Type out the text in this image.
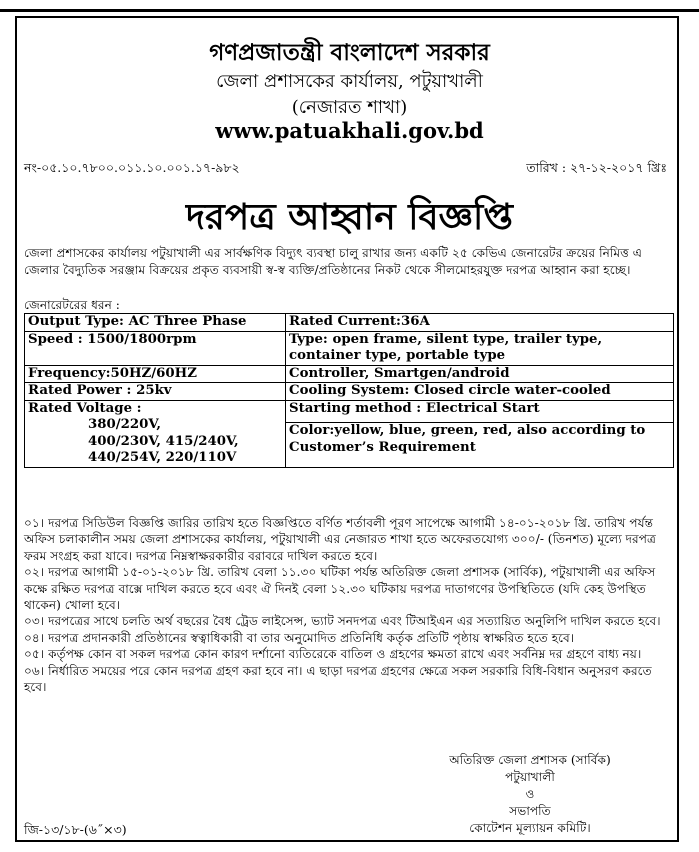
গণপ্রজাতন্ত্রী বাংলাদেশ সরকার
জেলা প্রশাসকের কার্যালয়, পটুয়াখালী
(নেজারত শাখা)
www.patuakhali.gov.bd
নং-০৫.১০.৭৮০০.০১১.১০.০০১.১৭-৯৮২	তারিখ : ২৭-১২-২০১৭ খ্রিঃ
দরপত্র আহ্বান বিজ্ঞপ্তি
জেলা প্রশাসকের কার্যালয় পটুয়াখালী এর সার্বক্ষণিক বিদ্যুৎ ব্যবস্থা চালু রাখার জন্য একটি ২৫ কেভিএ জেনারেটর ক্রয়ের নিমিত্ত এ জেলার বৈদ্যুতিক সরঞ্জাম বিক্রয়ের প্রকৃত ব্যবসায়ী স্ব-স্ব ব্যক্তি/প্রতিষ্ঠানের নিকট থেকে সীলমোহরযুক্ত দরপত্র আহ্বান করা হচ্ছে।
জেনারেটরের ধরন :
Output Type: AC Three Phase	Rated Current:36A
Speed : 1500/1800rpm	Type: open frame, silent type, trailer type, container type, portable type
Frequency:50HZ/60HZ	Controller, Smartgen/android
Rated Power : 25kv	Cooling System: Closed circle water-cooled

Rated Voltage :
380/220V,
400/230V, 415/240V,
440/254V, 220/110V	Starting method : Electrical Start
	Color:yellow, blue, green, red, also according to Customer’s Requirement

০১। দরপত্র সিডিউল বিজ্ঞপ্তি জারির তারিখ হতে বিজ্ঞপ্তিতে বর্ণিত শর্তাবলী পূরণ সাপেক্ষে আগামী ১৪-০১-২০১৮ খ্রি. তারিখ পর্যন্ত অফিস চলাকালীন সময় জেলা প্রশাসকের কার্যালয়, পটুয়াখালী এর নেজারত শাখা হতে অফেরতযোগ্য ৩০০/- (তিনশত) মূল্যে দরপত্র ফরম সংগ্রহ করা যাবে। দরপত্র নিম্নস্বাক্ষরকারীর বরাবরে দাখিল করতে হবে।

০২। দরপত্র আগামী ১৫-০১-২০১৮ খ্রি. তারিখ বেলা ১১.৩০ ঘটিকা পর্যন্ত অতিরিক্ত জেলা প্রশাসক (সার্বিক), পটুয়াখালী এর অফিস কক্ষে রক্ষিত দরপত্র বাক্সে দাখিল করতে হবে এবং ঐ দিনই বেলা ১২.৩০ ঘটিকায় দরপত্র দাতাগণের উপস্থিতিতে (যদি কেহ উপস্থিত থাকেন) খোলা হবে।

০৩। দরপত্রের সাথে চলতি অর্থ বছরের বৈধ ট্রেড লাইসেন্স, ভ্যাট সনদপত্র এবং টিআইএন এর সত্যায়িত অনুলিপি দাখিল করতে হবে।

০৪। দরপত্র প্রদানকারী প্রতিষ্ঠানের স্বত্বাধিকারী বা তার অনুমোদিত প্রতিনিধি কর্তৃক প্রতিটি পৃষ্ঠায় স্বাক্ষরিত হতে হবে।

০৫। কর্তৃপক্ষ কোন বা সকল দরপত্র কোন কারণ দর্শানো ব্যতিরেকে বাতিল ও গ্রহণের ক্ষমতা রাখে এবং সর্বনিম্ন দর গ্রহণে বাধ্য নয়।

০৬। নির্ধারিত সময়ের পরে কোন দরপত্র গ্রহণ করা হবে না। এ ছাড়া দরপত্র গ্রহণের ক্ষেত্রে সকল সরকারি বিধি-বিধান অনুসরণ করতে হবে।

অতিরিক্ত জেলা প্রশাসক (সার্বিক)
পটুয়াখালী
ও
সভাপতি
কোটেশন মূল্যায়ন কমিটি।
জি-১৩/১৮-(৬˝×৩)
